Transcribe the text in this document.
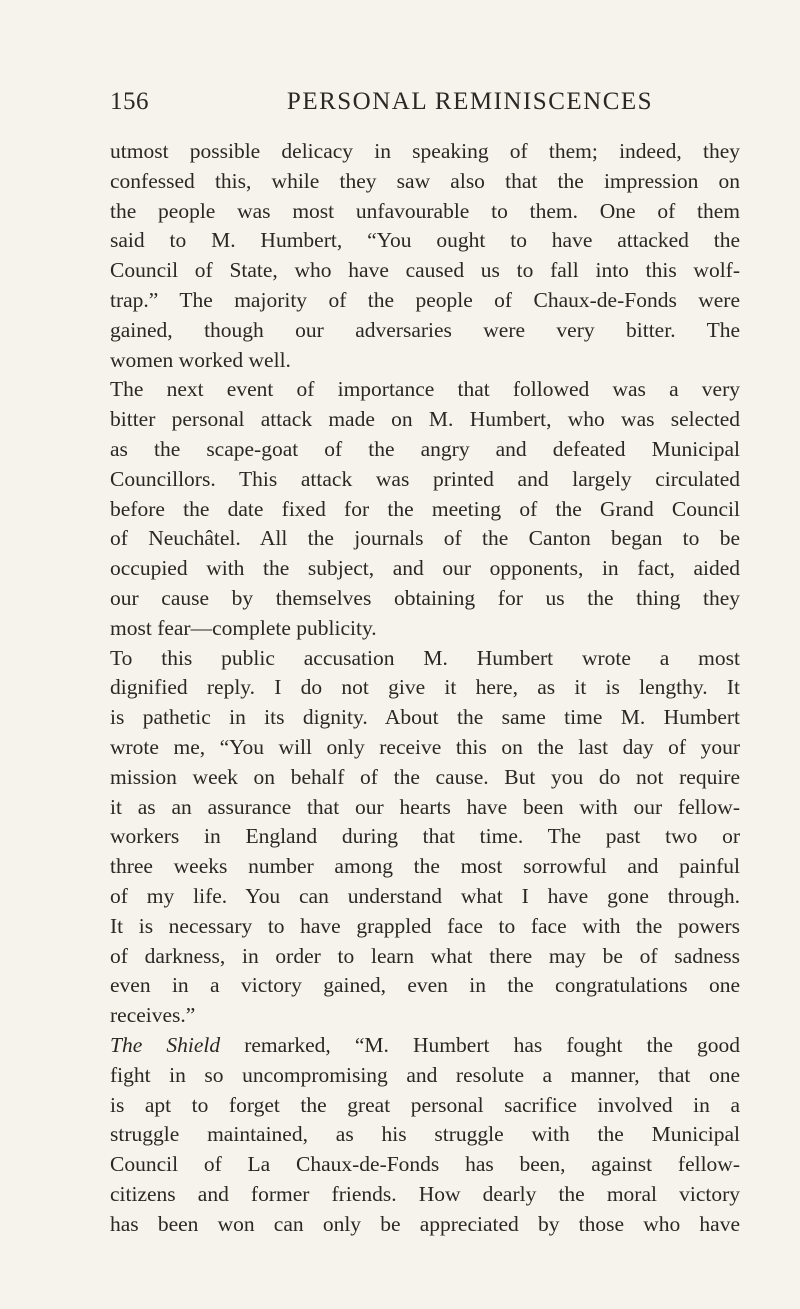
156	PERSONAL REMINISCENCES
utmost possible delicacy in speaking of them; indeed, they
confessed this, while they saw also that the impression on
the people was most unfavourable to them. One of them
said to M. Humbert, “You ought to have attacked the
Council of State, who have caused us to fall into this wolf-
trap.” The majority of the people of Chaux-de-Fonds were
gained, though our adversaries were very bitter. The
women worked well.
The next event of importance that followed was a very
bitter personal attack made on M. Humbert, who was selected
as the scape-goat of the angry and defeated Municipal
Councillors. This attack was printed and largely circulated
before the date fixed for the meeting of the Grand Council
of Neuchâtel. All the journals of the Canton began to be
occupied with the subject, and our opponents, in fact, aided
our cause by themselves obtaining for us the thing they
most fear—complete publicity.
To this public accusation M. Humbert wrote a most
dignified reply. I do not give it here, as it is lengthy. It
is pathetic in its dignity. About the same time M. Humbert
wrote me, “You will only receive this on the last day of your
mission week on behalf of the cause. But you do not require
it as an assurance that our hearts have been with our fellow-
workers in England during that time. The past two or
three weeks number among the most sorrowful and painful
of my life. You can understand what I have gone through.
It is necessary to have grappled face to face with the powers
of darkness, in order to learn what there may be of sadness
even in a victory gained, even in the congratulations one
receives.”
The Shield remarked, “M. Humbert has fought the good
fight in so uncompromising and resolute a manner, that one
is apt to forget the great personal sacrifice involved in a
struggle maintained, as his struggle with the Municipal
Council of La Chaux-de-Fonds has been, against fellow-
citizens and former friends. How dearly the moral victory
has been won can only be appreciated by those who have
